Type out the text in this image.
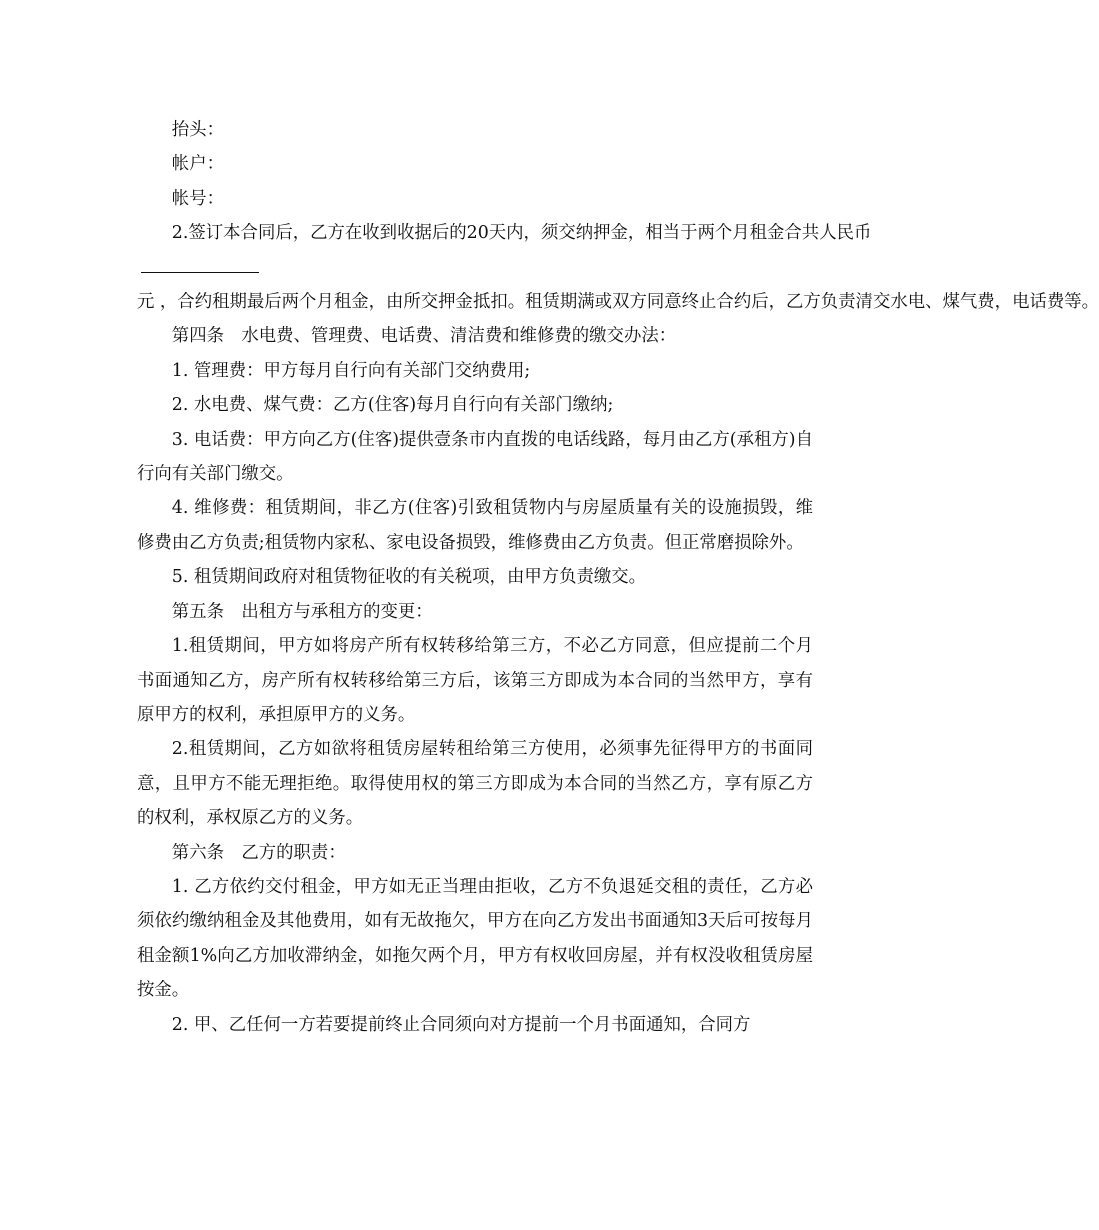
抬头：

帐户：

帐号：

2.签订本合同后，乙方在收到收据后的20天内，须交纳押金，相当于两个月租金合共人民币元 ，合约租期最后两个月租金，由所交押金抵扣。租赁期满或双方同意终止合约后，乙方负责清交水电、煤气费，电话费等。

第四条　水电费、管理费、电话费、清洁费和维修费的缴交办法：

1. 管理费：甲方每月自行向有关部门交纳费用;

2. 水电费、煤气费：乙方(住客)每月自行向有关部门缴纳;

3. 电话费：甲方向乙方(住客)提供壹条市内直拨的电话线路，每月由乙方(承租方)自行向有关部门缴交。

4. 维修费：租赁期间，非乙方(住客)引致租赁物内与房屋质量有关的设施损毁，维修费由乙方负责;租赁物内家私、家电设备损毁，维修费由乙方负责。但正常磨损除外。

5. 租赁期间政府对租赁物征收的有关税项，由甲方负责缴交。

第五条　出租方与承租方的变更：

1.租赁期间，甲方如将房产所有权转移给第三方，不必乙方同意，但应提前二个月书面通知乙方，房产所有权转移给第三方后，该第三方即成为本合同的当然甲方，享有原甲方的权利，承担原甲方的义务。

2.租赁期间，乙方如欲将租赁房屋转租给第三方使用，必须事先征得甲方的书面同意，且甲方不能无理拒绝。取得使用权的第三方即成为本合同的当然乙方，享有原乙方的权利，承权原乙方的义务。

第六条　乙方的职责：

1. 乙方依约交付租金，甲方如无正当理由拒收，乙方不负退延交租的责任，乙方必须依约缴纳租金及其他费用，如有无故拖欠，甲方在向乙方发出书面通知3天后可按每月租金额1%向乙方加收滞纳金，如拖欠两个月，甲方有权收回房屋，并有权没收租赁房屋按金。

2. 甲、乙任何一方若要提前终止合同须向对方提前一个月书面通知，合同方
